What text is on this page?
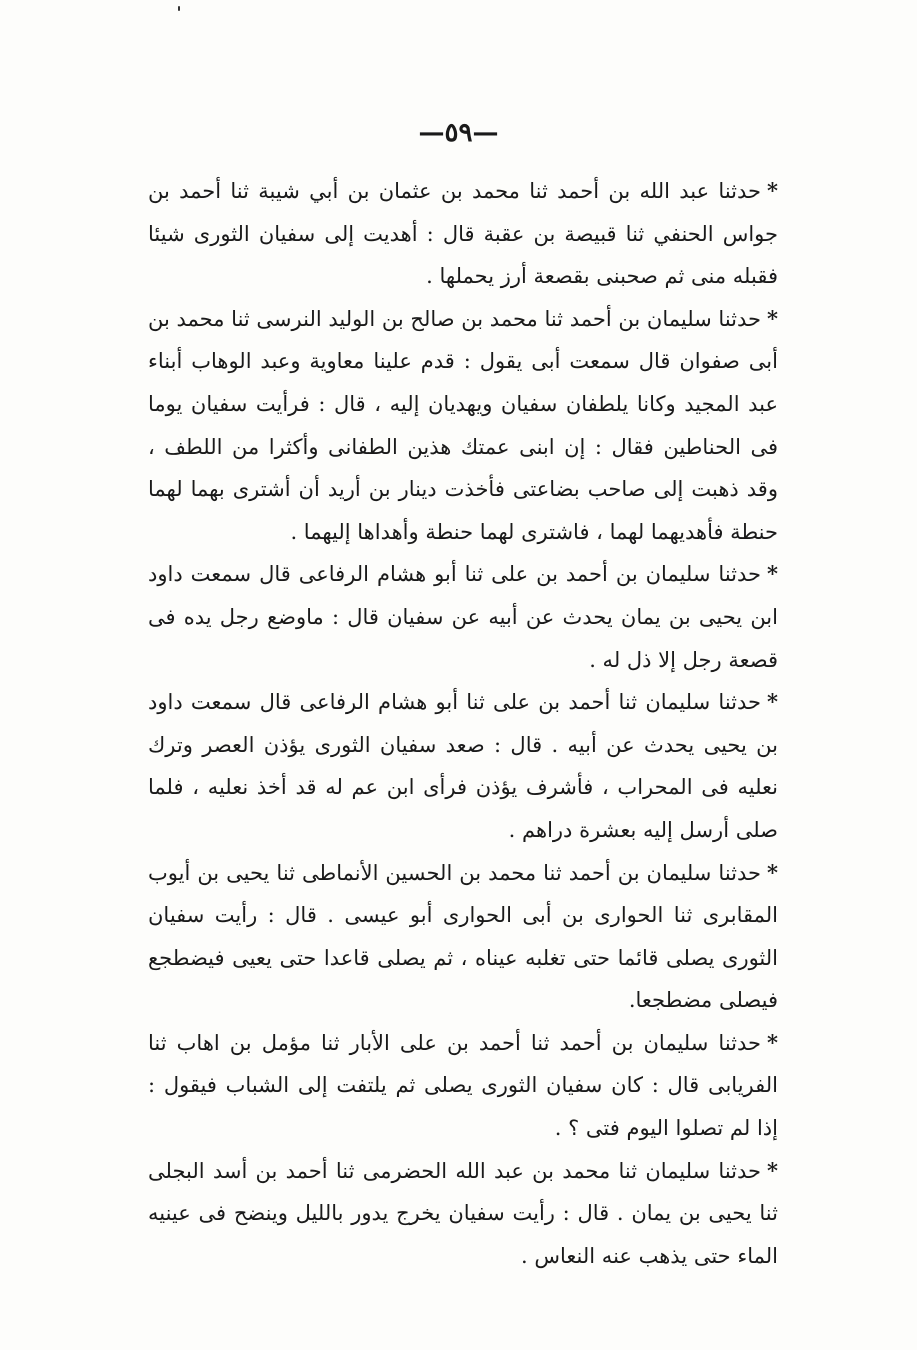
—٥٩—

*حدثنا عبد الله بن أحمد ثنا محمد بن عثمان بن أبي شيبة ثنا أحمد بن جواس الحنفي ثنا قبيصة بن عقبة قال : أهديت إلى سفيان الثورى شيئا فقبله منى ثم صحبنى بقصعة أرز يحملها .

*حدثنا سليمان بن أحمد ثنا محمد بن صالح بن الوليد النرسى ثنا محمد بن أبى صفوان قال سمعت أبى يقول : قدم علينا معاوية وعبد الوهاب أبناء عبد المجيد وكانا يلطفان سفيان ويهديان إليه ، قال : فرأيت سفيان يوما فى الحناطين فقال : إن ابنى عمتك هذين الطفانى وأكثرا من اللطف ، وقد ذهبت إلى صاحب بضاعتى فأخذت دينار بن أريد أن أشترى بهما لهما حنطة فأهديهما لهما ، فاشترى لهما حنطة وأهداها إليهما .

*حدثنا سليمان بن أحمد بن على ثنا أبو هشام الرفاعى قال سمعت داود ابن يحيى بن يمان يحدث عن أبيه عن سفيان قال : ماوضع رجل يده فى قصعة رجل إلا ذل له .

*حدثنا سليمان ثنا أحمد بن على ثنا أبو هشام الرفاعى قال سمعت داود بن يحيى يحدث عن أبيه . قال : صعد سفيان الثورى يؤذن العصر وترك نعليه فى المحراب ، فأشرف يؤذن فرأى ابن عم له قد أخذ نعليه ، فلما صلى أرسل إليه بعشرة دراهم .

*حدثنا سليمان بن أحمد ثنا محمد بن الحسين الأنماطى ثنا يحيى بن أيوب المقابرى ثنا الحوارى بن أبى الحوارى أبو عيسى . قال : رأيت سفيان الثورى يصلى قائما حتى تغلبه عيناه ، ثم يصلى قاعدا حتى يعيى فيضطجع فيصلى مضطجعا.

*حدثنا سليمان بن أحمد ثنا أحمد بن على الأبار ثنا مؤمل بن اهاب ثنا الفريابى قال : كان سفيان الثورى يصلى ثم يلتفت إلى الشباب فيقول : إذا لم تصلوا اليوم فتى ؟ .

*حدثنا سليمان ثنا محمد بن عبد الله الحضرمى ثنا أحمد بن أسد البجلى ثنا يحيى بن يمان . قال : رأيت سفيان يخرج يدور بالليل وينضح فى عينيه الماء حتى يذهب عنه النعاس .
